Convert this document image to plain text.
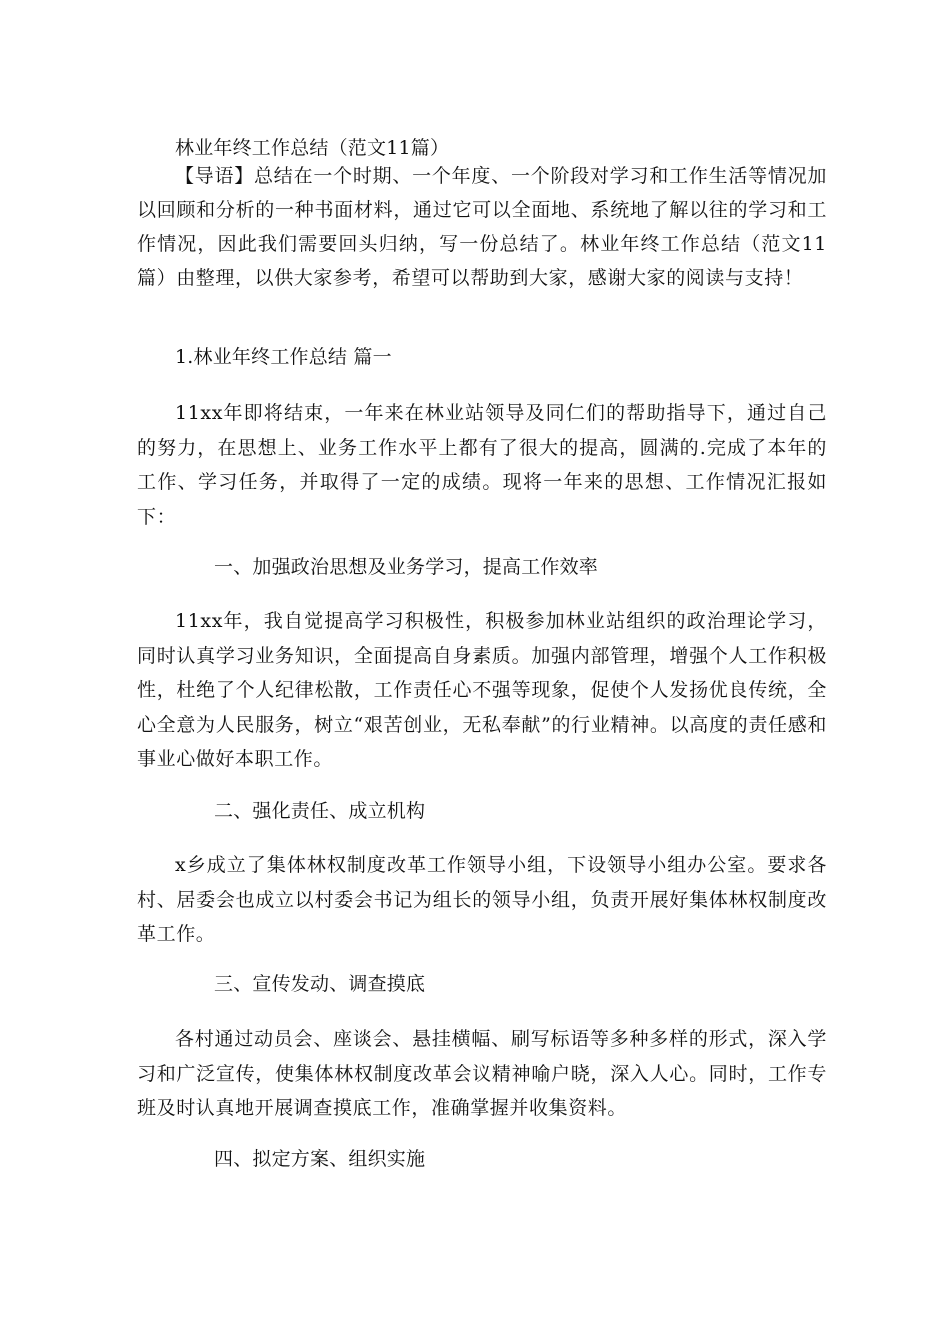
林业年终工作总结（范文11篇）
【导语】总结在一个时期、一个年度、一个阶段对学习和工作生活等情况加以回顾和分析的一种书面材料，通过它可以全面地、系统地了解以往的学习和工作情况，因此我们需要回头归纳，写一份总结了。林业年终工作总结（范文11篇）由整理，以供大家参考，希望可以帮助到大家，感谢大家的阅读与支持！
1.林业年终工作总结 篇一
11xx年即将结束，一年来在林业站领导及同仁们的帮助指导下，通过自己的努力，在思想上、业务工作水平上都有了很大的提高，圆满的.完成了本年的工作、学习任务，并取得了一定的成绩。现将一年来的思想、工作情况汇报如下：
一、加强政治思想及业务学习，提高工作效率
11xx年，我自觉提高学习积极性，积极参加林业站组织的政治理论学习，同时认真学习业务知识，全面提高自身素质。加强内部管理，增强个人工作积极性，杜绝了个人纪律松散，工作责任心不强等现象，促使个人发扬优良传统，全心全意为人民服务，树立“艰苦创业，无私奉献”的行业精神。以高度的责任感和事业心做好本职工作。
二、强化责任、成立机构
x乡成立了集体林权制度改革工作领导小组，下设领导小组办公室。要求各村、居委会也成立以村委会书记为组长的领导小组，负责开展好集体林权制度改革工作。
三、宣传发动、调查摸底
各村通过动员会、座谈会、悬挂横幅、刷写标语等多种多样的形式，深入学习和广泛宣传，使集体林权制度改革会议精神喻户晓，深入人心。同时，工作专班及时认真地开展调查摸底工作，准确掌握并收集资料。
四、拟定方案、组织实施
